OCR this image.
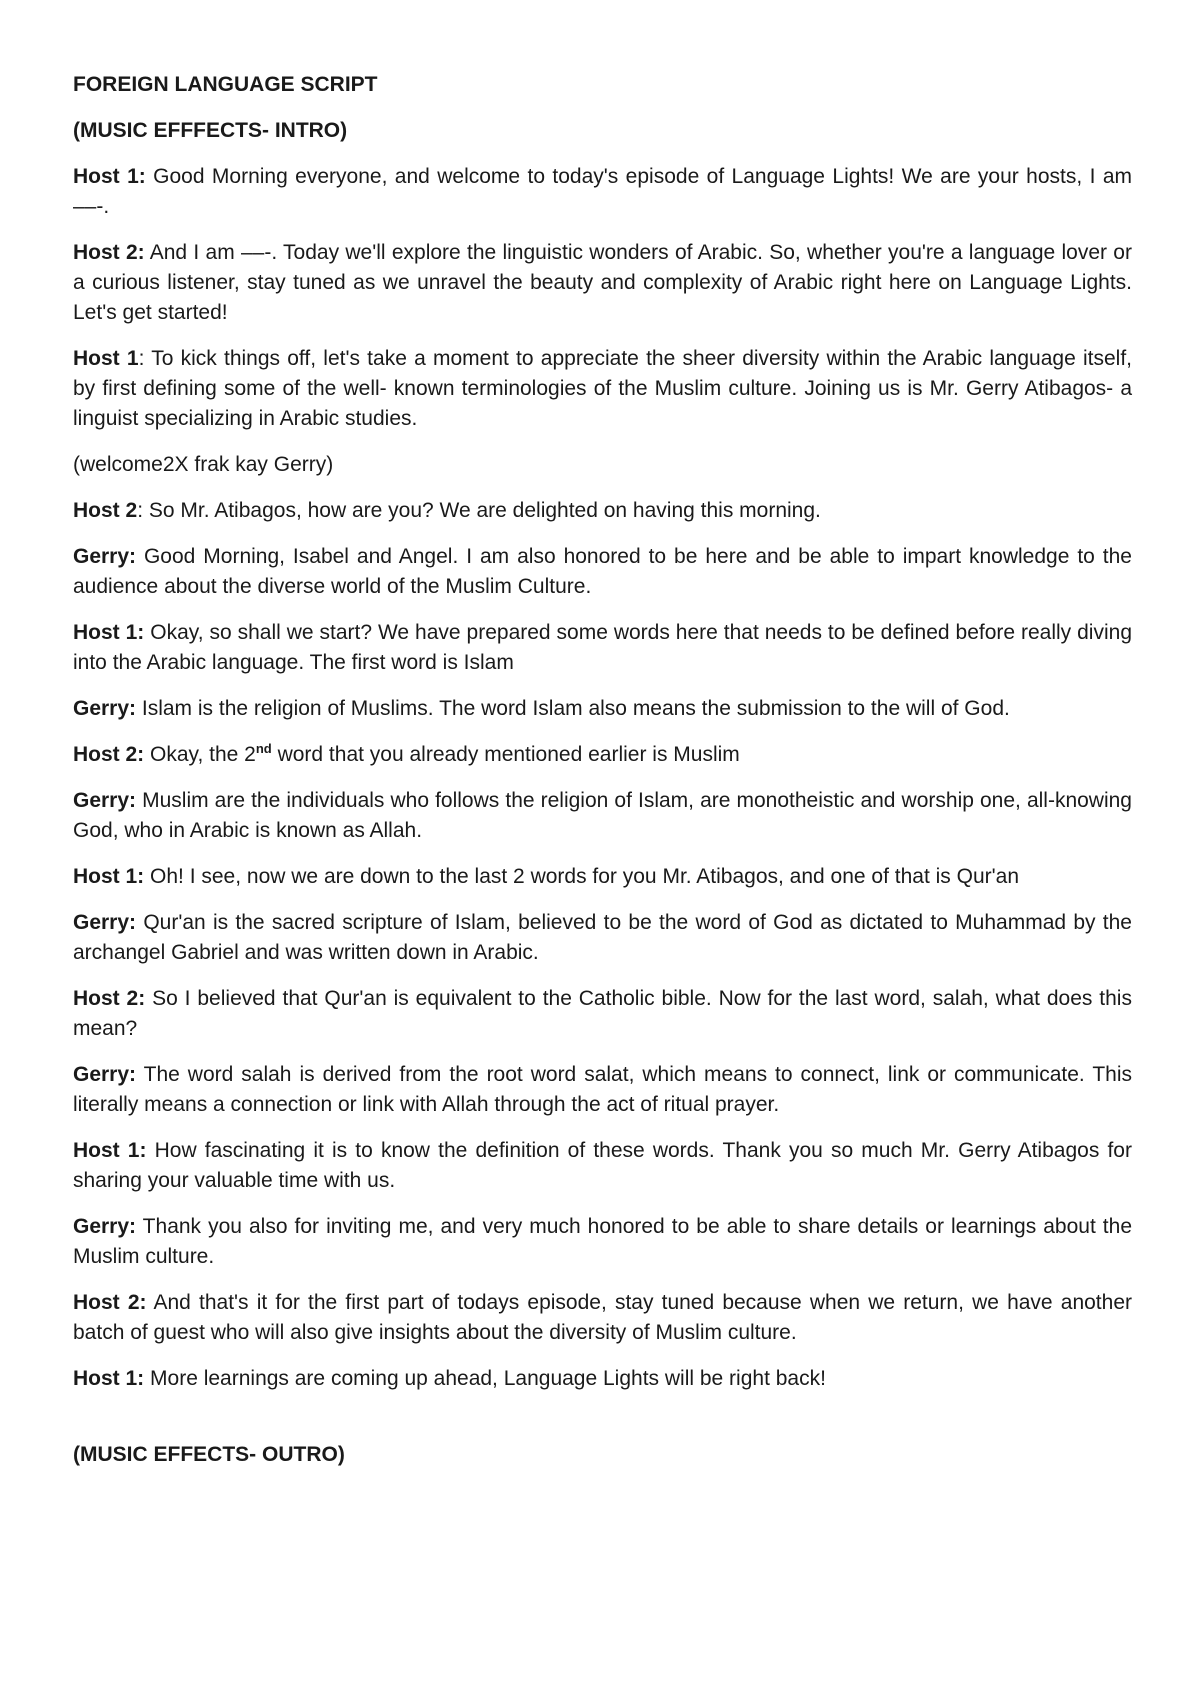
FOREIGN LANGUAGE SCRIPT

(MUSIC EFFFECTS- INTRO)

Host 1: Good Morning everyone, and welcome to today's episode of Language Lights! We are your hosts, I am ––-.

Host 2: And I am ––-. Today we'll explore the linguistic wonders of Arabic. So, whether you're a language lover or a curious listener, stay tuned as we unravel the beauty and complexity of Arabic right here on Language Lights. Let's get started!

Host 1: To kick things off, let's take a moment to appreciate the sheer diversity within the Arabic language itself, by first defining some of the well- known terminologies of the Muslim culture. Joining us is Mr. Gerry Atibagos- a linguist specializing in Arabic studies.

(welcome2X frak kay Gerry)

Host 2: So Mr. Atibagos, how are you? We are delighted on having this morning.

Gerry: Good Morning, Isabel and Angel. I am also honored to be here and be able to impart knowledge to the audience about the diverse world of the Muslim Culture.

Host 1: Okay, so shall we start? We have prepared some words here that needs to be defined before really diving into the Arabic language. The first word is Islam

Gerry: Islam is the religion of Muslims. The word Islam also means the submission to the will of God.

Host 2: Okay, the 2nd word that you already mentioned earlier is Muslim

Gerry: Muslim are the individuals who follows the religion of Islam, are monotheistic and worship one, all-knowing God, who in Arabic is known as Allah.

Host 1: Oh! I see, now we are down to the last 2 words for you Mr. Atibagos, and one of that is Qur'an

Gerry: Qur'an is the sacred scripture of Islam, believed to be the word of God as dictated to Muhammad by the archangel Gabriel and was written down in Arabic.

Host 2: So I believed that Qur'an is equivalent to the Catholic bible. Now for the last word, salah, what does this mean?

Gerry: The word salah is derived from the root word salat, which means to connect, link or communicate. This literally means a connection or link with Allah through the act of ritual prayer.

Host 1: How fascinating it is to know the definition of these words. Thank you so much Mr. Gerry Atibagos for sharing your valuable time with us.

Gerry: Thank you also for inviting me, and very much honored to be able to share details or learnings about the Muslim culture.

Host 2: And that's it for the first part of todays episode, stay tuned because when we return, we have another batch of guest who will also give insights about the diversity of Muslim culture.

Host 1: More learnings are coming up ahead, Language Lights will be right back!

(MUSIC EFFECTS- OUTRO)
